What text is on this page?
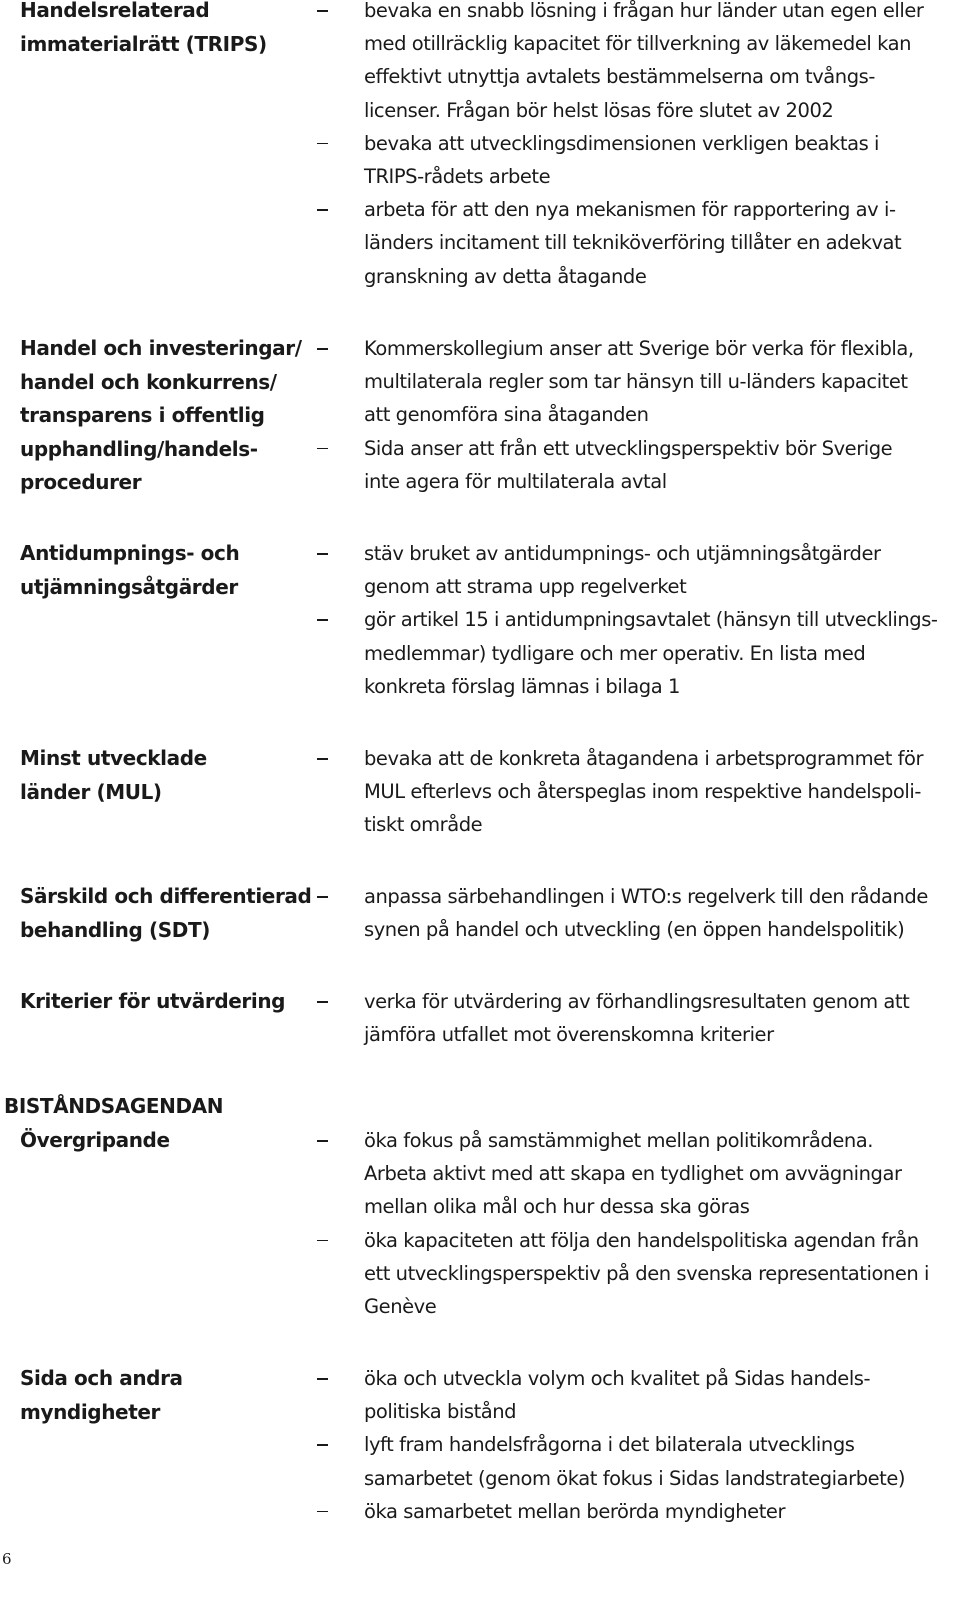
BISTÅNDSAGENDAN
6
Handelsrelaterad
immaterialrätt (TRIPS)
bevaka en snabb lösning i frågan hur länder utan egen eller
med otillräcklig kapacitet för tillverkning av läkemedel kan
effektivt utnyttja avtalets bestämmelserna om tvångs-
licenser. Frågan bör helst lösas före slutet av 2002
bevaka att utvecklingsdimensionen verkligen beaktas i
TRIPS-rådets arbete
arbeta för att den nya mekanismen för rapportering av i-
länders incitament till tekniköverföring tillåter en adekvat
granskning av detta åtagande
Handel och investeringar/
handel och konkurrens/
transparens i offentlig
upphandling/handels-
procedurer
Kommerskollegium anser att Sverige bör verka för flexibla,
multilaterala regler som tar hänsyn till u-länders kapacitet
att genomföra sina åtaganden
Sida anser att från ett utvecklingsperspektiv bör Sverige
inte agera för multilaterala avtal
Antidumpnings- och
utjämningsåtgärder
stäv bruket av antidumpnings- och utjämningsåtgärder
genom att strama upp regelverket
gör artikel 15 i antidumpningsavtalet (hänsyn till utvecklings-
medlemmar) tydligare och mer operativ. En lista med
konkreta förslag lämnas i bilaga 1
Minst utvecklade
länder (MUL)
bevaka att de konkreta åtagandena i arbetsprogrammet för
MUL efterlevs och återspeglas inom respektive handelspoli-
tiskt område
Särskild och differentierad
behandling (SDT)
anpassa särbehandlingen i WTO:s regelverk till den rådande
synen på handel och utveckling (en öppen handelspolitik)
Kriterier för utvärdering	verka för utvärdering av förhandlingsresultaten genom att
jämföra utfallet mot överenskomna kriterier
Övergripande	öka fokus på samstämmighet mellan politikområdena.
Arbeta aktivt med att skapa en tydlighet om avvägningar
mellan olika mål och hur dessa ska göras
öka kapaciteten att följa den handelspolitiska agendan från
ett utvecklingsperspektiv på den svenska representationen i
Genève
Sida och andra
myndigheter
öka och utveckla volym och kvalitet på Sidas handels-
politiska bistånd
lyft fram handelsfrågorna i det bilaterala utvecklings
samarbetet (genom ökat fokus i Sidas landstrategiarbete)
öka samarbetet mellan berörda myndigheter
